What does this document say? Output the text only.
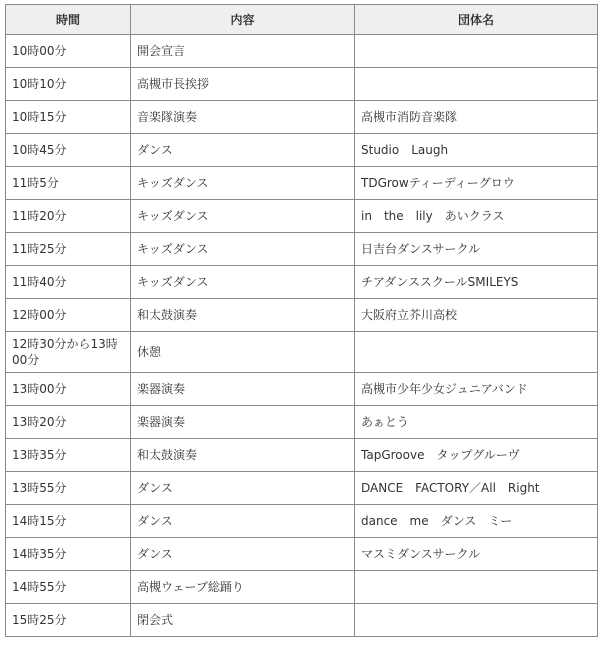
時間	内容	団体名
10時00分	開会宣言	
10時10分	高槻市長挨拶	
10時15分	音楽隊演奏	高槻市消防音楽隊
10時45分	ダンス	Studio　Laugh
11時5分	キッズダンス	TDGrowティーディーグロウ
11時20分	キッズダンス	in　the　lily　あいクラス
11時25分	キッズダンス	日吉台ダンスサークル
11時40分	キッズダンス	チアダンススクールSMILEYS
12時00分	和太鼓演奏	大阪府立芥川高校
12時30分から13時00分	休憩	
13時00分	楽器演奏	高槻市少年少女ジュニアバンド
13時20分	楽器演奏	あぁとう
13時35分	和太鼓演奏	TapGroove　タップグルーヴ
13時55分	ダンス	DANCE　FACTORY／All　Right
14時15分	ダンス	dance　me　ダンス　ミー
14時35分	ダンス	マスミダンスサークル
14時55分	高槻ウェーブ総踊り	
15時25分	閉会式	
